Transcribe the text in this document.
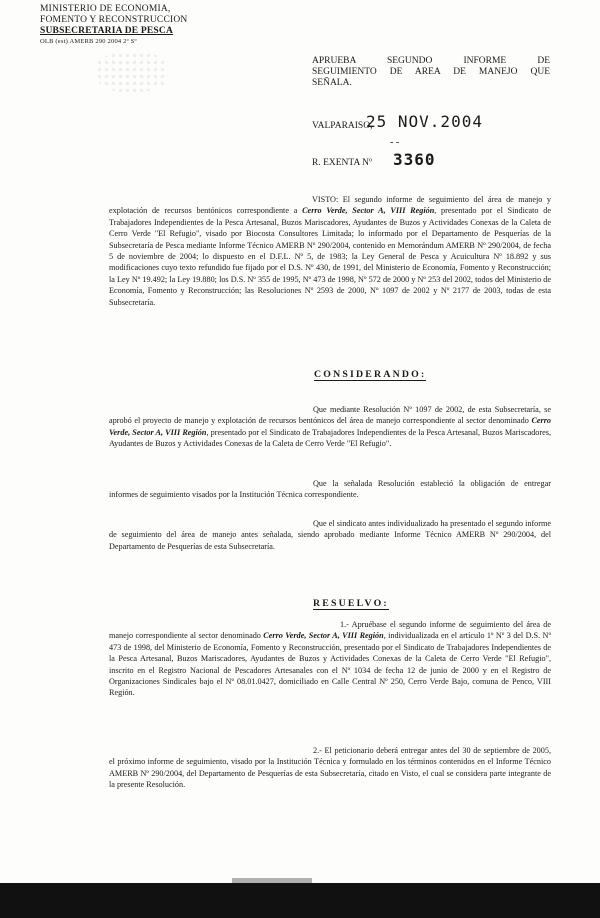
MINISTERIO DE ECONOMIA,
FOMENTO Y RECONSTRUCCION
SUBSECRETARIA DE PESCA
OLB (est) AMERB 290 2004 2º Sº
APRUEBA SEGUNDO INFORME DE
SEGUIMIENTO DE AREA DE MANEJO QUE
SEÑALA.
VALPARAISO,
25 NOV.2004
- -
R. EXENTA Nº 3360

VISTO: El segundo informe de seguimiento del área de manejo y explotación de recursos bentónicos correspondiente a Cerro Verde, Sector A, VIII Región, presentado por el Sindicato de Trabajadores Independientes de la Pesca Artesanal, Buzos Mariscadores, Ayudantes de Buzos y Actividades Conexas de la Caleta de Cerro Verde "El Refugio", visado por Biocosta Consultores Limitada; lo informado por el Departamento de Pesquerías de la Subsecretaría de Pesca mediante Informe Técnico AMERB Nº 290/2004, contenido en Memorándum AMERB Nº 290/2004, de fecha 5 de noviembre de 2004; lo dispuesto en el D.F.L. Nº 5, de 1983; la Ley General de Pesca y Acuicultura Nº 18.892 y sus modificaciones cuyo texto refundido fue fijado por el D.S. Nº 430, de 1991, del Ministerio de Economía, Fomento y Reconstrucción; la Ley Nº 19.492; la Ley 19.880; los D.S. Nº 355 de 1995, Nº 473 de 1998, Nº 572 de 2000 y Nº 253 del 2002, todos del Ministerio de Economía, Fomento y Reconstrucción; las Resoluciones Nº 2593 de 2000, Nº 1097 de 2002 y Nº 2177 de 2003, todas de esta Subsecretaría.

CONSIDERANDO:

Que mediante Resolución Nº 1097 de 2002, de esta Subsecretaría, se aprobó el proyecto de manejo y explotación de recursos bentónicos del área de manejo correspondiente al sector denominado Cerro Verde, Sector A, VIII Región, presentado por el Sindicato de Trabajadores Independientes de la Pesca Artesanal, Buzos Mariscadores, Ayudantes de Buzos y Actividades Conexas de la Caleta de Cerro Verde "El Refugio".

Que la señalada Resolución estableció la obligación de entregar informes de seguimiento visados por la Institución Técnica correspondiente.

Que el sindicato antes individualizado ha presentado el segundo informe de seguimiento del área de manejo antes señalada, siendo aprobado mediante Informe Técnico AMERB Nº 290/2004, del Departamento de Pesquerías de esta Subsecretaría.

RESUELVO:

1.- Apruébase el segundo informe de seguimiento del área de manejo correspondiente al sector denominado Cerro Verde, Sector A, VIII Región, individualizada en el artículo 1º Nº 3 del D.S. Nº 473 de 1998, del Ministerio de Economía, Fomento y Reconstrucción, presentado por el Sindicato de Trabajadores Independientes de la Pesca Artesanal, Buzos Mariscadores, Ayudantes de Buzos y Actividades Conexas de la Caleta de Cerro Verde "El Refugio", inscrito en el Registro Nacional de Pescadores Artesanales con el Nº 1034 de fecha 12 de junio de 2000 y en el Registro de Organizaciones Sindicales bajo el Nº 08.01.0427, domiciliado en Calle Central Nº 250, Cerro Verde Bajo, comuna de Penco, VIII Región.

2.- El peticionario deberá entregar antes del 30 de septiembre de 2005, el próximo informe de seguimiento, visado por la Institución Técnica y formulado en los términos contenidos en el Informe Técnico AMERB Nº 290/2004, del Departamento de Pesquerías de esta Subsecretaría, citado en Visto, el cual se considera parte integrante de la presente Resolución.
